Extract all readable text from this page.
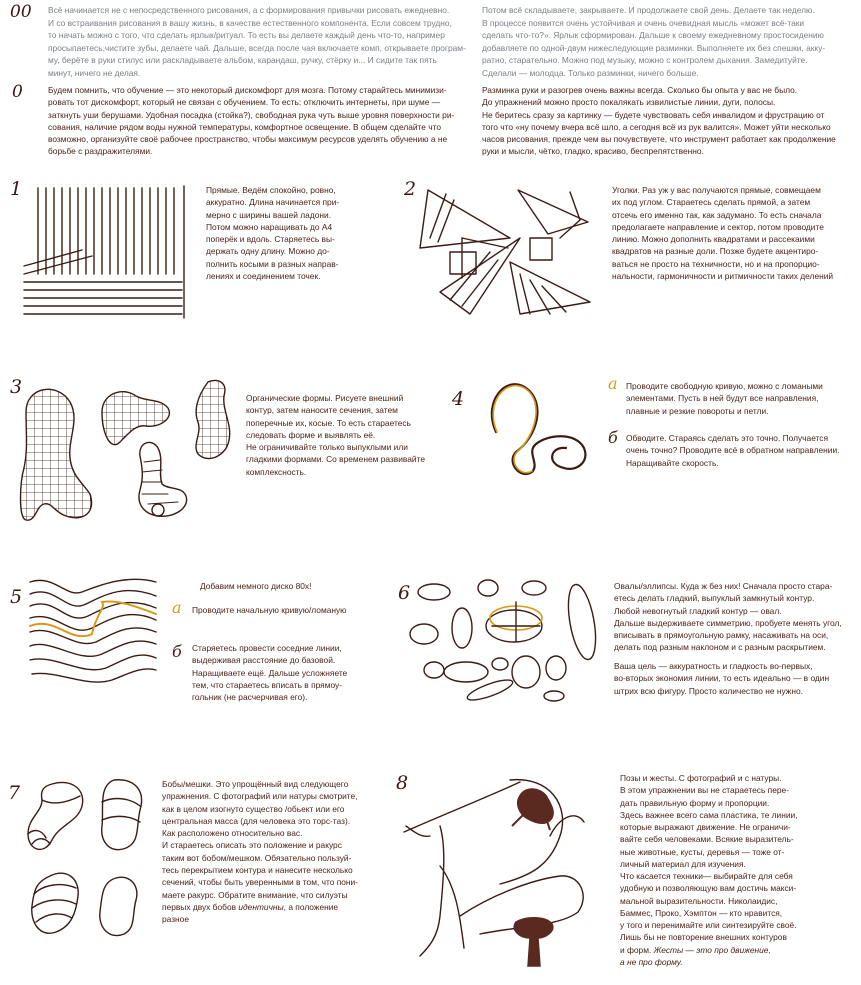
00
0

Всё начинается не с непосредственного рисования, а с формирования привычки рисовать ежедневно.
И со встраивания рисования в вашу жизнь, в качестве естественного компонента. Если совсем трудно,
то начать можно с того, что сделать ярлык/ритуал. То есть вы делаете каждый день что-то, например
просыпаетесь,чистите зубы, делаете чай. Дальше, всегда после чая включаете комп, открываете програм-
му, берёте в руки стилус или раскладываете альбом, карандаш, ручку, стёрку и... И сидите так пять
минут, ничего не делая.

Потом всё складываете, закрываете. И продолжаете свой день. Делаете так неделю.
В процессе появится очень устойчивая и очень очевидная мысль «может всё-таки
сделать что-то?». Ярлык сформирован. Дальше к своему ежедневному простосидению
добавляете по одной-двум нижеследующие разминки. Выполняете их без спешки, акку-
ратно, старательно. Можно под музыку, можно с контролем дыхания. Замедитуйте.
Сделали — молодца. Только разминки, ничего больше.

Будем помнить, что обучение — это некоторый дискомфорт для мозга. Потому старайтесь минимизи-
ровать тот дискомфорт, который не связан с обучением. То есть: отключить интернеты, при шуме —
заткнуть уши берушами. Удобная посадка (стойка?), свободная рука чуть выше уровня поверхности ри-
сования, наличие рядом воды нужной температуры, комфортное освещение. В общем сделайте что
возможно, организуйте своё рабочее пространство, чтобы максимум ресурсов уделять обучению а не
борьбе с раздражителями.

Разминка руки и разогрев очень важны всегда. Сколько бы опыта у вас не было.
До упражнений можно просто покалякать извилистые линии, дуги, полосы.
Не беритесь сразу за картинку — будете чувствовать себя инвалидом и фрустрацию от
того что «ну почему вчера всё шло, а сегодня всё из рук валится». Может уйти несколько
часов рисования, прежде чем вы почувствуете, что инструмент работает как продолжение
руки и мысли, чётко, гладко, красиво, беспрепятственно.

1	Прямые. Ведём спокойно, ровно,
аккуратно. Длина начинается при-
мерно с ширины вашей ладони.
Потом можно наращивать до А4
поперёк и вдоль. Старяетесь вы-
держать одну длину. Можно до-
полнить косыми в разных направ-
лениях и соединением точек.

2	Уголки. Раз уж у вас получаются прямые, совмещаем
их под углом. Стараетесь сделать прямой, а затем
отсечь его именно так, как задумано. То есть сначала
предолагаете направление и сектор, потом проводите
линию. Можно дополнить квадратами и рассекаими
квадратов на разные доли. Позже будете акцентиро-
ваться не просто на техничности, но и на пропорцио-
нальности, гармоничности и ритмичности таких делений

3	Органические формы. Рисуете внешний
контур, затем наносите сечения, затем
поперечные их, косые. То есть стараетесь
следовать форме и выявлять её.
Не ограничивайте только выпуклыми или
гладкими формами. Со временем развивайте
комплексность.

4
а Проводите свободную кривую, можно с ломаными
элементами. Пусть в ней будут все направления,
плавные и резкие повороты и петли.

б Обводите. Стараясь сделать это точно. Получается
очень точно? Проводите всё в обратном направлении.
Наращивайте скорость.

5	Добавим немного диско 80х!

а Проводите начальную кривую/ломаную

б Старяетесь провести соседние линии,
выдерживая расстояние до базовой.
Наращиваете ещё. Дальше усложняете
тем, что стараетесь вписать в прямоу-
гольник (не расчерчивая его).

6	Овалы/эллипсы. Куда ж без них! Сначала просто стара-
етесь делать гладкий, выпуклый замкнутый контур.
Любой невогнутый гладкий контур — овал.
Дальше выдерживаете симметрию, пробуете менять угол,
вписывать в прямоугольную рамку, насаживать на оси,
делать под разным наклоном и с разным раскрытием.

Ваша цель — аккуратность и гладкость во-первых,
во-вторых экономия линии, то есть идеально — в один
штрих всю фигуру. Просто количество не нужно.

7	Бобы/мешки. Это упрощённый вид следующего
упражнения. С фотографий или натуры смотрите,
как в целом изогнуто существо /обьект или его
центральная масса (для человека это торс-таз).
Как расположено относительно вас.
И стараетесь описать это положение и ракурс
таким вот бобом/мешком. Обязательно пользуй-
тесь перекрытием контура и нанесите несколько
сечений, чтобы быть уверенными в том, что пони-
маете ракурс. Обратите внимание, что силуэты
первых двух бобов идентичны, а положение
разное

8	Позы и жесты. С фотографий и с натуры.
В этом упражнении вы не стараетесь пере-
дать правильную форму и пропорции.
Здесь важнее всего сама пластика, те линии,
которые выражают движение. Не ограничи-
вайте себя человеками. Всякие выразитель-
ные животные, кусты, деревья — тоже от-
личный материал для изучения.

Что касается техники— выбирайте для себя
удобную и позволяющую вам достичь макси-
мальной выразительности. Николаидис,
Баммес, Проко, Хэмптон — кто нравится,
у того и перенимайте или синтезируйте своё.
Лишь бы не повторение внешних контуров
и форм. Жесты — это про движение,
а не про форму.
